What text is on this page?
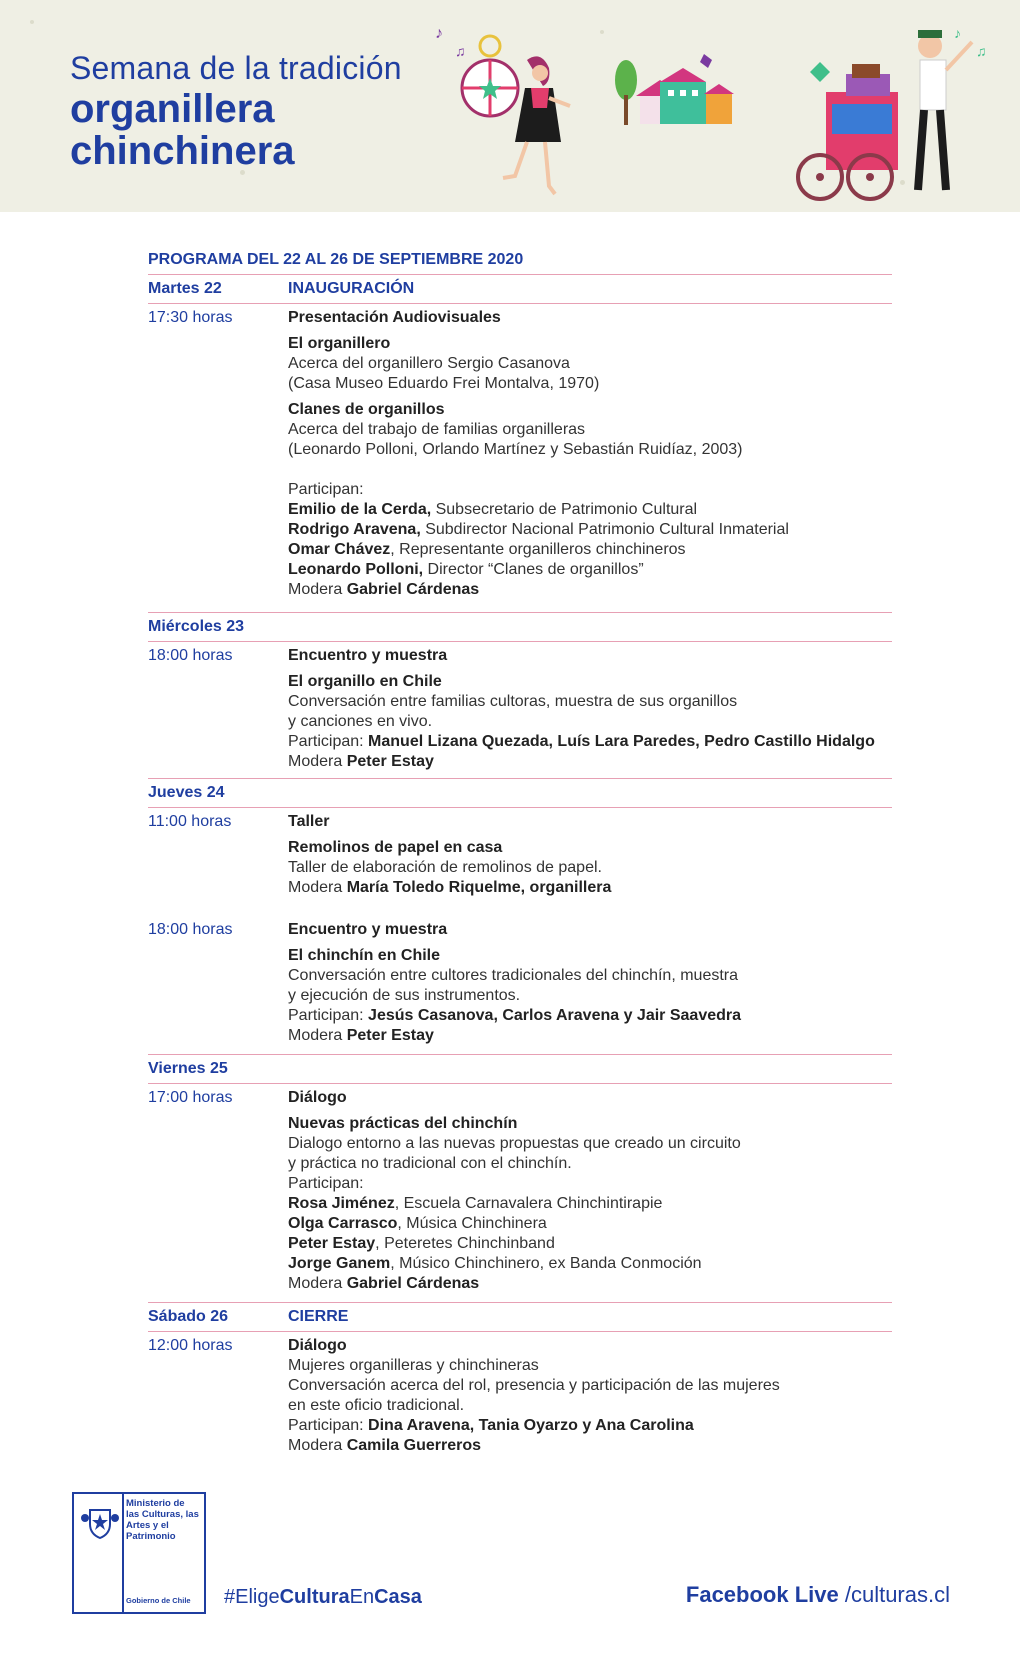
Semana de la tradición
organillera
chinchinera
♪
♫
♪
♫
PROGRAMA DEL 22 AL 26 DE SEPTIEMBRE 2020
Martes 22	INAUGURACIÓN
17:30 horas	Presentación Audiovisuales
El organillero
Acerca del organillero Sergio Casanova
(Casa Museo Eduardo Frei Montalva, 1970)
Clanes de organillos
Acerca del trabajo de familias organilleras
(Leonardo Polloni, Orlando Martínez y Sebastián Ruidíaz, 2003)
Participan:
Emilio de la Cerda, Subsecretario de Patrimonio Cultural
Rodrigo Aravena, Subdirector Nacional Patrimonio Cultural Inmaterial
Omar Chávez, Representante organilleros chinchineros
Leonardo Polloni, Director “Clanes de organillos”
Modera Gabriel Cárdenas
Miércoles 23
18:00 horas	Encuentro y muestra
El organillo en Chile
Conversación entre familias cultoras, muestra de sus organillos
y canciones en vivo.
Participan: Manuel Lizana Quezada, Luís Lara Paredes, Pedro Castillo Hidalgo
Modera Peter Estay
Jueves 24
11:00 horas	Taller
Remolinos de papel en casa
Taller de elaboración de remolinos de papel.
Modera María Toledo Riquelme, organillera
18:00 horas	Encuentro y muestra
El chinchín en Chile
Conversación entre cultores tradicionales del chinchín, muestra
y ejecución de sus instrumentos.
Participan: Jesús Casanova, Carlos Aravena y Jair Saavedra
Modera Peter Estay
Viernes 25
17:00 horas	Diálogo
Nuevas prácticas del chinchín
Dialogo entorno a las nuevas propuestas que creado un circuito
y práctica no tradicional con el chinchín.
Participan:
Rosa Jiménez, Escuela Carnavalera Chinchintirapie
Olga Carrasco, Música Chinchinera
Peter Estay, Peteretes Chinchinband
Jorge Ganem, Músico Chinchinero, ex Banda Conmoción
Modera Gabriel Cárdenas
Sábado 26	CIERRE
12:00 horas	Diálogo
Mujeres organilleras y chinchineras
Conversación acerca del rol, presencia y participación de las mujeres
en este oficio tradicional.
Participan: Dina Aravena, Tania Oyarzo y Ana Carolina
Modera Camila Guerreros
Ministerio de las Culturas, las Artes y el Patrimonio
Gobierno de Chile #EligeCulturaEnCasa	Facebook Live /culturas.cl
